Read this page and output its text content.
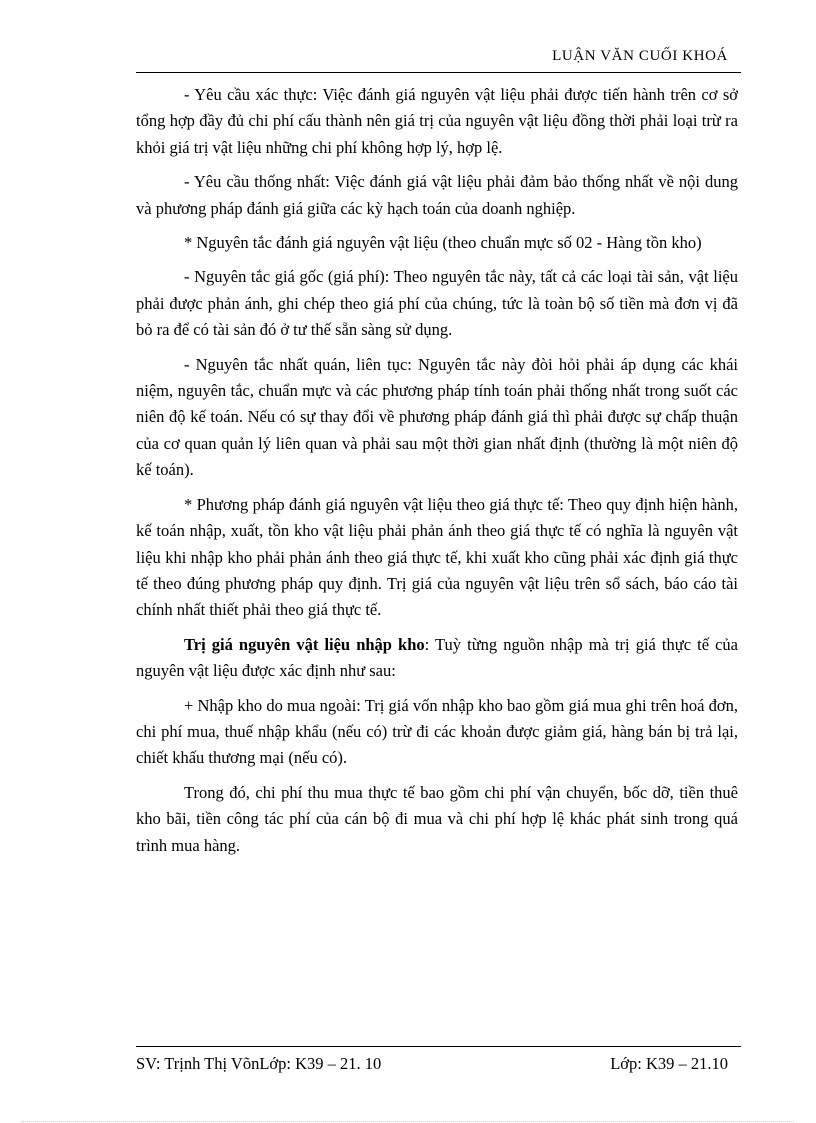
LUẬN VĂN CUỐI KHOÁ

- Yêu cầu xác thực: Việc đánh giá nguyên vật liệu phải được tiến hành trên cơ sở tổng hợp đầy đủ chi phí cấu thành nên giá trị của nguyên vật liệu đồng thời phải loại trừ ra khỏi giá trị vật liệu những chi phí không hợp lý, hợp lệ.

- Yêu cầu thống nhất: Việc đánh giá vật liệu phải đảm bảo thống nhất về nội dung và phương pháp đánh giá giữa các kỳ hạch toán của doanh nghiệp.

* Nguyên tắc đánh giá nguyên vật liệu (theo chuẩn mực số 02 - Hàng tồn kho)

- Nguyên tắc giá gốc (giá phí): Theo nguyên tắc này, tất cả các loại tài sản, vật liệu phải được phản ánh, ghi chép theo giá phí của chúng, tức là toàn bộ số tiền mà đơn vị đã bỏ ra để có tài sản đó ở tư thế sẵn sàng sử dụng.

- Nguyên tắc nhất quán, liên tục: Nguyên tắc này đòi hỏi phải áp dụng các khái niệm, nguyên tắc, chuẩn mực và các phương pháp tính toán phải thống nhất trong suốt các niên độ kế toán. Nếu có sự thay đổi về phương pháp đánh giá thì phải được sự chấp thuận của cơ quan quản lý liên quan và phải sau một thời gian nhất định (thường là một niên độ kế toán).

* Phương pháp đánh giá nguyên vật liệu theo giá thực tế: Theo quy định hiện hành, kế toán nhập, xuất, tồn kho vật liệu phải phản ánh theo giá thực tế có nghĩa là nguyên vật liệu khi nhập kho phải phản ánh theo giá thực tế, khi xuất kho cũng phải xác định giá thực tế theo đúng phương pháp quy định. Trị giá của nguyên vật liệu trên sổ sách, báo cáo tài chính nhất thiết phải theo giá thực tế.

Trị giá nguyên vật liệu nhập kho: Tuỳ từng nguồn nhập mà trị giá thực tế của nguyên vật liệu được xác định như sau:

+ Nhập kho do mua ngoài: Trị giá vốn nhập kho bao gồm giá mua ghi trên hoá đơn, chi phí mua, thuế nhập khẩu (nếu có) trừ đi các khoản được giảm giá, hàng bán bị trả lại, chiết khấu thương mại (nếu có).

Trong đó, chi phí thu mua thực tế bao gồm chi phí vận chuyển, bốc dỡ, tiền thuê kho bãi, tiền công tác phí của cán bộ đi mua và chi phí hợp lệ khác phát sinh trong quá trình mua hàng.

SV: Trịnh Thị VõnLớp: K39 – 21. 10	Lớp: K39 – 21.10
